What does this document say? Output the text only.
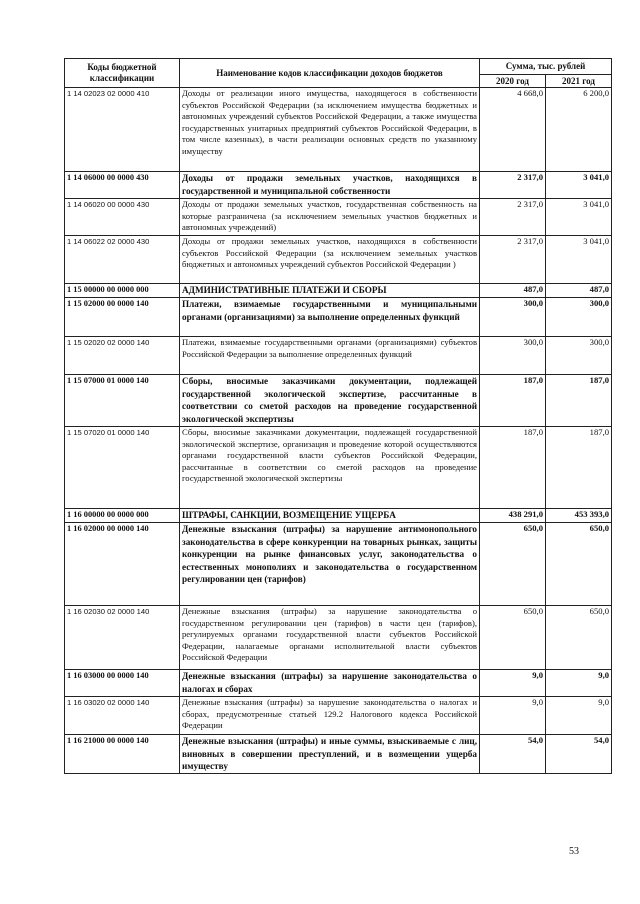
Коды бюджетной классификации	Наименование кодов классификации доходов бюджетов	Сумма, тыс. рублей	
		2020 год	2021 год
1 14 02023 02 0000 410	Доходы от реализации иного имущества, находящегося в собственности субъектов Российской Федерации (за исключением имущества бюджетных и автономных учреждений субъектов Российской Федерации, а также имущества государственных унитарных предприятий субъектов Российской Федерации, в том числе казенных), в части реализации основных средств по указанному имуществу	4 668,0	6 200,0
1 14 06000 00 0000 430	Доходы от продажи земельных участков, находящихся в государственной и муниципальной собственности	2 317,0	3 041,0
1 14 06020 00 0000 430	Доходы от продажи земельных участков, государственная собственность на которые разграничена (за исключением земельных участков бюджетных и автономных учреждений)	2 317,0	3 041,0
1 14 06022 02 0000 430	Доходы от продажи земельных участков, находящихся в собственности субъектов Российской Федерации (за исключением земельных участков бюджетных и автономных учреждений субъектов Российской Федерации )	2 317,0	3 041,0
1 15 00000 00 0000 000	АДМИНИСТРАТИВНЫЕ ПЛАТЕЖИ И СБОРЫ	487,0	487,0
1 15 02000 00 0000 140	Платежи, взимаемые государственными и муниципальными органами (организациями) за выполнение определенных функций	300,0	300,0
1 15 02020 02 0000 140	Платежи, взимаемые государственными органами (организациями) субъектов Российской Федерации за выполнение определенных функций	300,0	300,0
1 15 07000 01 0000 140	Сборы, вносимые заказчиками документации, подлежащей государственной экологической экспертизе, рассчитанные в соответствии со сметой расходов на проведение государственной экологической экспертизы	187,0	187,0
1 15 07020 01 0000 140	Сборы, вносимые заказчиками документации, подлежащей государственной экологической экспертизе, организация и проведение которой осуществляются органами государственной власти субъектов Российской Федерации, рассчитанные в соответствии со сметой расходов на проведение государственной экологической экспертизы	187,0	187,0
1 16 00000 00 0000 000	ШТРАФЫ, САНКЦИИ, ВОЗМЕЩЕНИЕ УЩЕРБА	438 291,0	453 393,0
1 16 02000 00 0000 140	Денежные взыскания (штрафы) за нарушение антимонопольного законодательства в сфере конкуренции на товарных рынках, защиты конкуренции на рынке финансовых услуг, законодательства о естественных монополиях и законодательства о государственном регулировании цен (тарифов)	650,0	650,0
1 16 02030 02 0000 140	Денежные взыскания (штрафы) за нарушение законодательства о государственном регулировании цен (тарифов) в части цен (тарифов), регулируемых органами государственной власти субъектов Российской Федерации, налагаемые органами исполнительной власти субъектов Российской Федерации	650,0	650,0
1 16 03000 00 0000 140	Денежные взыскания (штрафы) за нарушение законодательства о налогах и сборах	9,0	9,0
1 16 03020 02 0000 140	Денежные взыскания (штрафы) за нарушение законодательства о налогах и сборах, предусмотренные статьей 129.2 Налогового кодекса Российской Федерации	9,0	9,0
1 16 21000 00 0000 140	Денежные взыскания (штрафы) и иные суммы, взыскиваемые с лиц, виновных в совершении преступлений, и в возмещении ущерба имуществу	54,0	54,0
53
